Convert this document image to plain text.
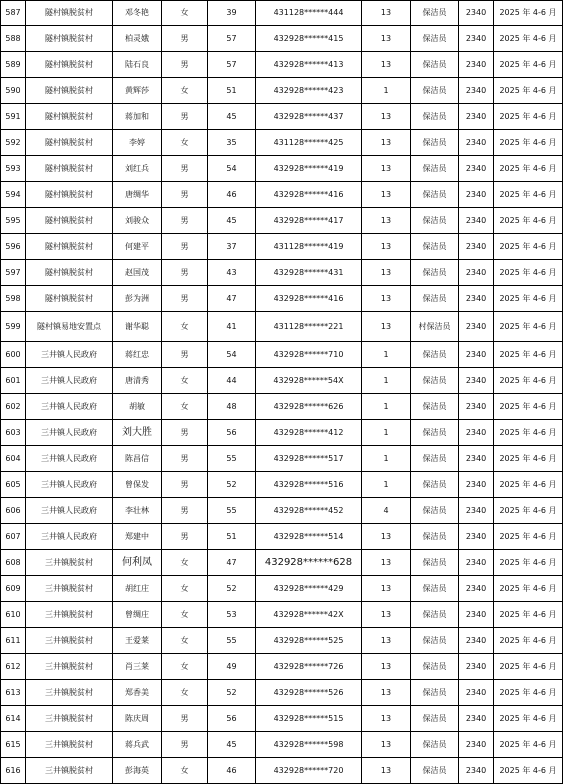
587	隧村镇脱贫村	邓冬艳	女	39	431128******444	13	保洁员	2340	2025 年 4-6 月
588	隧村镇脱贫村	柏灵娥	男	57	432928******415	13	保洁员	2340	2025 年 4-6 月
589	隧村镇脱贫村	陆石良	男	57	432928******413	13	保洁员	2340	2025 年 4-6 月
590	隧村镇脱贫村	黄辉莎	女	51	432928******423	1	保洁员	2340	2025 年 4-6 月
591	隧村镇脱贫村	蒋加和	男	45	432928******437	13	保洁员	2340	2025 年 4-6 月
592	隧村镇脱贫村	李婷	女	35	431128******425	13	保洁员	2340	2025 年 4-6 月
593	隧村镇脱贫村	刘红兵	男	54	432928******419	13	保洁员	2340	2025 年 4-6 月
594	隧村镇脱贫村	唐绸华	男	46	432928******416	13	保洁员	2340	2025 年 4-6 月
595	隧村镇脱贫村	刘骏众	男	45	432928******417	13	保洁员	2340	2025 年 4-6 月
596	隧村镇脱贫村	何建平	男	37	431128******419	13	保洁员	2340	2025 年 4-6 月
597	隧村镇脱贫村	赵国茂	男	43	432928******431	13	保洁员	2340	2025 年 4-6 月
598	隧村镇脱贫村	彭为洲	男	47	432928******416	13	保洁员	2340	2025 年 4-6 月
599	隧村镇易地安置点	谢华聪	女	41	431128******221	13	村保洁员	2340	2025 年 4-6 月
600	三井镇人民政府	蒋红忠	男	54	432928******710	1	保洁员	2340	2025 年 4-6 月
601	三井镇人民政府	唐清秀	女	44	432928******54X	1	保洁员	2340	2025 年 4-6 月
602	三井镇人民政府	胡敏	女	48	432928******626	1	保洁员	2340	2025 年 4-6 月
603	三井镇人民政府	刘大胜	男	56	432928******412	1	保洁员	2340	2025 年 4-6 月
604	三井镇人民政府	陈昌信	男	55	432928******517	1	保洁员	2340	2025 年 4-6 月
605	三井镇人民政府	曾保发	男	52	432928******516	1	保洁员	2340	2025 年 4-6 月
606	三井镇人民政府	李壮林	男	55	432928******452	4	保洁员	2340	2025 年 4-6 月
607	三井镇人民政府	郑建中	男	51	432928******514	13	保洁员	2340	2025 年 4-6 月
608	三井镇脱贫村	何利凤	女	47	432928******628	13	保洁员	2340	2025 年 4-6 月
609	三井镇脱贫村	胡红庄	女	52	432928******429	13	保洁员	2340	2025 年 4-6 月
610	三井镇脱贫村	曾绸庄	女	53	432928******42X	13	保洁员	2340	2025 年 4-6 月
611	三井镇脱贫村	王爱莱	女	55	432928******525	13	保洁员	2340	2025 年 4-6 月
612	三井镇脱贫村	肖三莱	女	49	432928******726	13	保洁员	2340	2025 年 4-6 月
613	三井镇脱贫村	郑香美	女	52	432928******526	13	保洁员	2340	2025 年 4-6 月
614	三井镇脱贫村	陈庆周	男	56	432928******515	13	保洁员	2340	2025 年 4-6 月
615	三井镇脱贫村	蒋兵武	男	45	432928******598	13	保洁员	2340	2025 年 4-6 月
616	三井镇脱贫村	彭海英	女	46	432928******720	13	保洁员	2340	2025 年 4-6 月
